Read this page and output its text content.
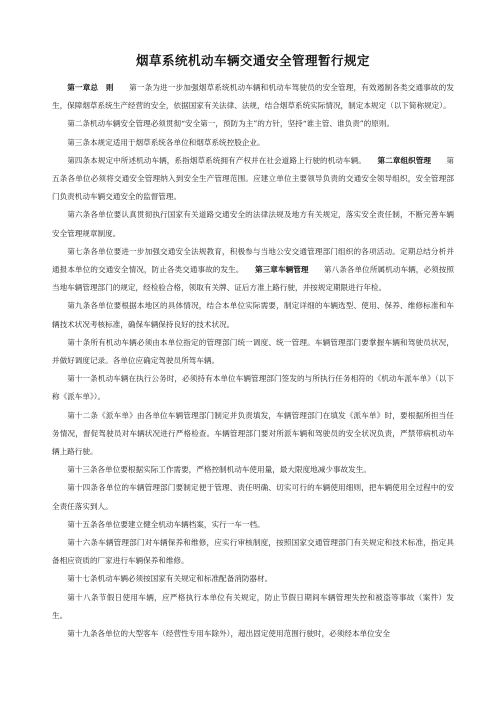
烟草系统机动车辆交通安全管理暂行规定

第一章总　则　　第一条为进一步加强烟草系统机动车辆和机动车驾驶员的安全管理，有效遏制各类交通事故的发生，保障烟草系统生产经营的安全，依据国家有关法律、法规，结合烟草系统实际情况，制定本规定（以下简称规定）。

第二条机动车辆安全管理必须贯彻“安全第一，预防为主”的方针，坚持“谁主管、谁负责”的原则。

第三条本规定适用于烟草系统各单位和烟草系统控股企业。

第四条本规定中所述机动车辆，系指烟草系统拥有产权并在社会道路上行驶的机动车辆。　　第二章组织管理　　第五条各单位必须将交通安全管理纳入到安全生产管理范围。应建立单位主要领导负责的交通安全领导组织，安全管理部门负责机动车辆交通安全的监督管理。

第六条各单位要认真贯彻执行国家有关道路交通安全的法律法规及地方有关规定，落实安全责任制，不断完善车辆安全管理规章制度。

第七条各单位要进一步加强交通安全法规教育，积极参与当地公安交通管理部门组织的各项活动。定期总结分析并通报本单位的交通安全情况，防止各类交通事故的发生。　　第三章车辆管理　　第八条各单位所属机动车辆，必须按照当地车辆管理部门的规定，经检验合格，领取有关牌、证后方准上路行驶，并按规定期限进行年检。

第九条各单位要根据本地区的具体情况，结合本单位实际需要，制定详细的车辆选型、使用、保养、维修标准和车辆技术状况考核标准，确保车辆保持良好的技术状况。

第十条所有机动车辆必须由本单位指定的管理部门统一调度、统一管理。车辆管理部门要掌握车辆和驾驶员状况，并做好调度记录。各单位应确定驾驶员所驾车辆。

第十一条机动车辆在执行公务时，必须持有本单位车辆管理部门签发的与所执行任务相符的《机动车派车单》（以下称《派车单》）。

第十二条《派车单》由各单位车辆管理部门制定并负责填发，车辆管理部门在填发《派车单》时，要根据所担当任务情况，督促驾驶员对车辆状况进行严格检查。车辆管理部门要对所派车辆和驾驶员的安全状况负责，严禁带病机动车辆上路行驶。

第十三条各单位要根据实际工作需要，严格控制机动车使用量，最大限度地减少事故发生。

第十四条各单位的车辆管理部门要制定便于管理、责任明确、切实可行的车辆使用细则，把车辆使用全过程中的安全责任落实到人。

第十五条各单位要建立健全机动车辆档案，实行一车一档。

第十六条车辆管理部门对车辆保养和维修，应实行审核制度，按照国家交通管理部门有关规定和技术标准，指定具备相应资质的厂家进行车辆保养和维修。

第十七条机动车辆必须按国家有关规定和标准配备消防器材。

第十八条节假日使用车辆，应严格执行本单位有关规定，防止节假日期间车辆管理失控和被盗等事故（案件）发生。

第十九条各单位的大型客车（经营性专用车除外），超出固定使用范围行驶时，必须经本单位安全
